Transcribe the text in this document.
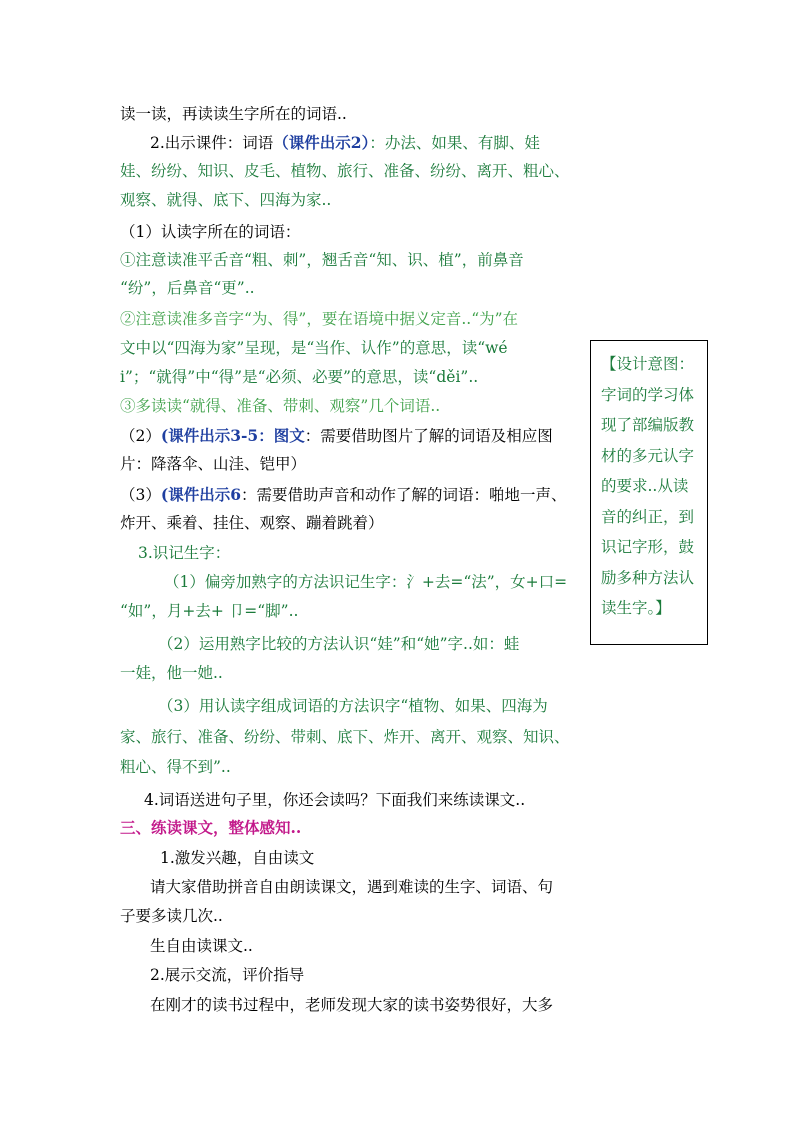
读一读，再读读生字所在的词语..
2.出示课件：词语（课件出示2）：办法、如果、有脚、娃
娃、纷纷、知识、皮毛、植物、旅行、准备、纷纷、离开、粗心、
观察、就得、底下、四海为家..
（1）认读字所在的词语：
①注意读准平舌音“粗、刺”，翘舌音“知、识、植”，前鼻音
“纷”，后鼻音“更”..
②注意读准多音字“为、得”，要在语境中据义定音..“为”在
文中以“四海为家”呈现，是“当作、认作”的意思，读“wé
i”；“就得”中“得”是“必须、必要”的意思，读“děi”..
③多读读“就得、准备、带刺、观察”几个词语..
（2）(课件出示3-5：图文：需要借助图片了解的词语及相应图
片：降落伞、山洼、铠甲）
（3）(课件出示6：需要借助声音和动作了解的词语：啪地一声、
炸开、乘着、挂住、观察、蹦着跳着）
3.识记生字：
（1）偏旁加熟字的方法识记生字：氵+去=“法”，女+口=
“如”，月+去+ 卩=“脚”..
（2）运用熟字比较的方法认识“娃”和“她”字..如：蛙
一娃，他一她..
（3）用认读字组成词语的方法识字“植物、如果、四海为
家、旅行、准备、纷纷、带刺、底下、炸开、离开、观察、知识、
粗心、得不到”..
4.词语送进句子里，你还会读吗？下面我们来练读课文..
三、练读课文，整体感知..
1.激发兴趣，自由读文
请大家借助拼音自由朗读课文，遇到难读的生字、词语、句
子要多读几次..
生自由读课文..
2.展示交流，评价指导
在刚才的读书过程中，老师发现大家的读书姿势很好，大多
【设计意图：
字词的学习体
现了部编版教
材的多元认字
的要求..从读
音的纠正，到
识记字形，鼓
励多种方法认
读生字。】
